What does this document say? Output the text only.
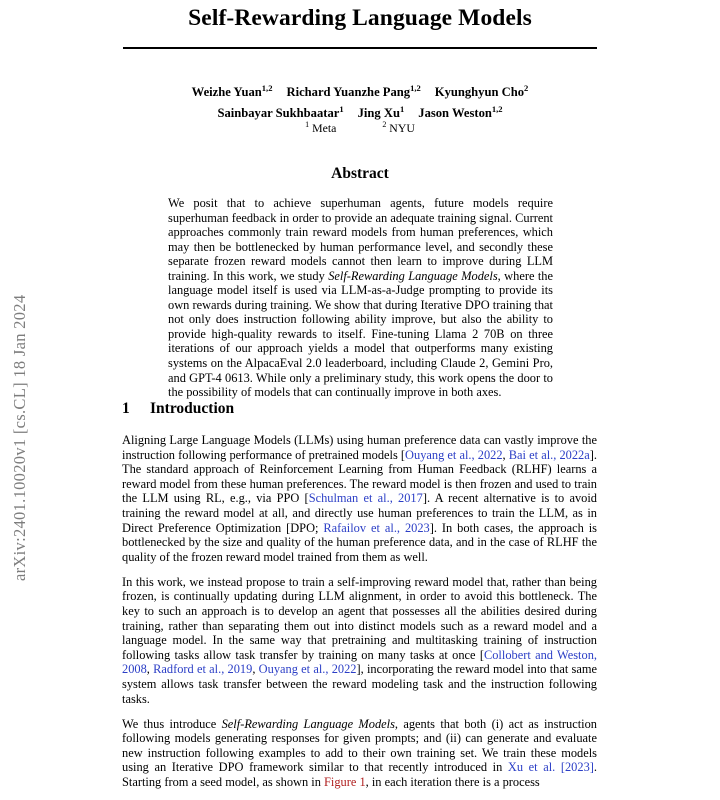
arXiv:2401.10020v1 [cs.CL] 18 Jan 2024
Self-Rewarding Language Models
Weizhe Yuan$^{1,2}$ Richard Yuanzhe Pang$^{1,2}$ Kyunghyun Cho$^2$
Sainbayar Sukhbaatar$^1$ Jing Xu$^1$ Jason Weston$^{1,2}$
$^1$ Meta	$^2$ NYU
Abstract
We posit that to achieve superhuman agents, future models require superhuman feedback in order to provide an adequate training signal. Current approaches commonly train reward models from human preferences, which may then be bottlenecked by human performance level, and secondly these separate frozen reward models cannot then learn to improve during LLM training. In this work, we study Self-Rewarding Language Models, where the language model itself is used via LLM-as-a-Judge prompting to provide its own rewards during training. We show that during Iterative DPO training that not only does instruction following ability improve, but also the ability to provide high-quality rewards to itself. Fine-tuning Llama 2 70B on three iterations of our approach yields a model that outperforms many existing systems on the AlpacaEval 2.0 leaderboard, including Claude 2, Gemini Pro, and GPT-4 0613. While only a preliminary study, this work opens the door to the possibility of models that can continually improve in both axes.
1 Introduction

Aligning Large Language Models (LLMs) using human preference data can vastly improve the instruction following performance of pretrained models [Ouyang et al., 2022, Bai et al., 2022a]. The standard approach of Reinforcement Learning from Human Feedback (RLHF) learns a reward model from these human preferences. The reward model is then frozen and used to train the LLM using RL, e.g., via PPO [Schulman et al., 2017]. A recent alternative is to avoid training the reward model at all, and directly use human preferences to train the LLM, as in Direct Preference Optimization [DPO; Rafailov et al., 2023]. In both cases, the approach is bottlenecked by the size and quality of the human preference data, and in the case of RLHF the quality of the frozen reward model trained from them as well.

In this work, we instead propose to train a self-improving reward model that, rather than being frozen, is continually updating during LLM alignment, in order to avoid this bottleneck. The key to such an approach is to develop an agent that possesses all the abilities desired during training, rather than separating them out into distinct models such as a reward model and a language model. In the same way that pretraining and multitasking training of instruction following tasks allow task transfer by training on many tasks at once [Collobert and Weston, 2008, Radford et al., 2019, Ouyang et al., 2022], incorporating the reward model into that same system allows task transfer between the reward modeling task and the instruction following tasks.

We thus introduce Self-Rewarding Language Models, agents that both (i) act as instruction following models generating responses for given prompts; and (ii) can generate and evaluate new instruction following examples to add to their own training set. We train these models using an Iterative DPO framework similar to that recently introduced in Xu et al. [2023]. Starting from a seed model, as shown in Figure 1, in each iteration there is a process
